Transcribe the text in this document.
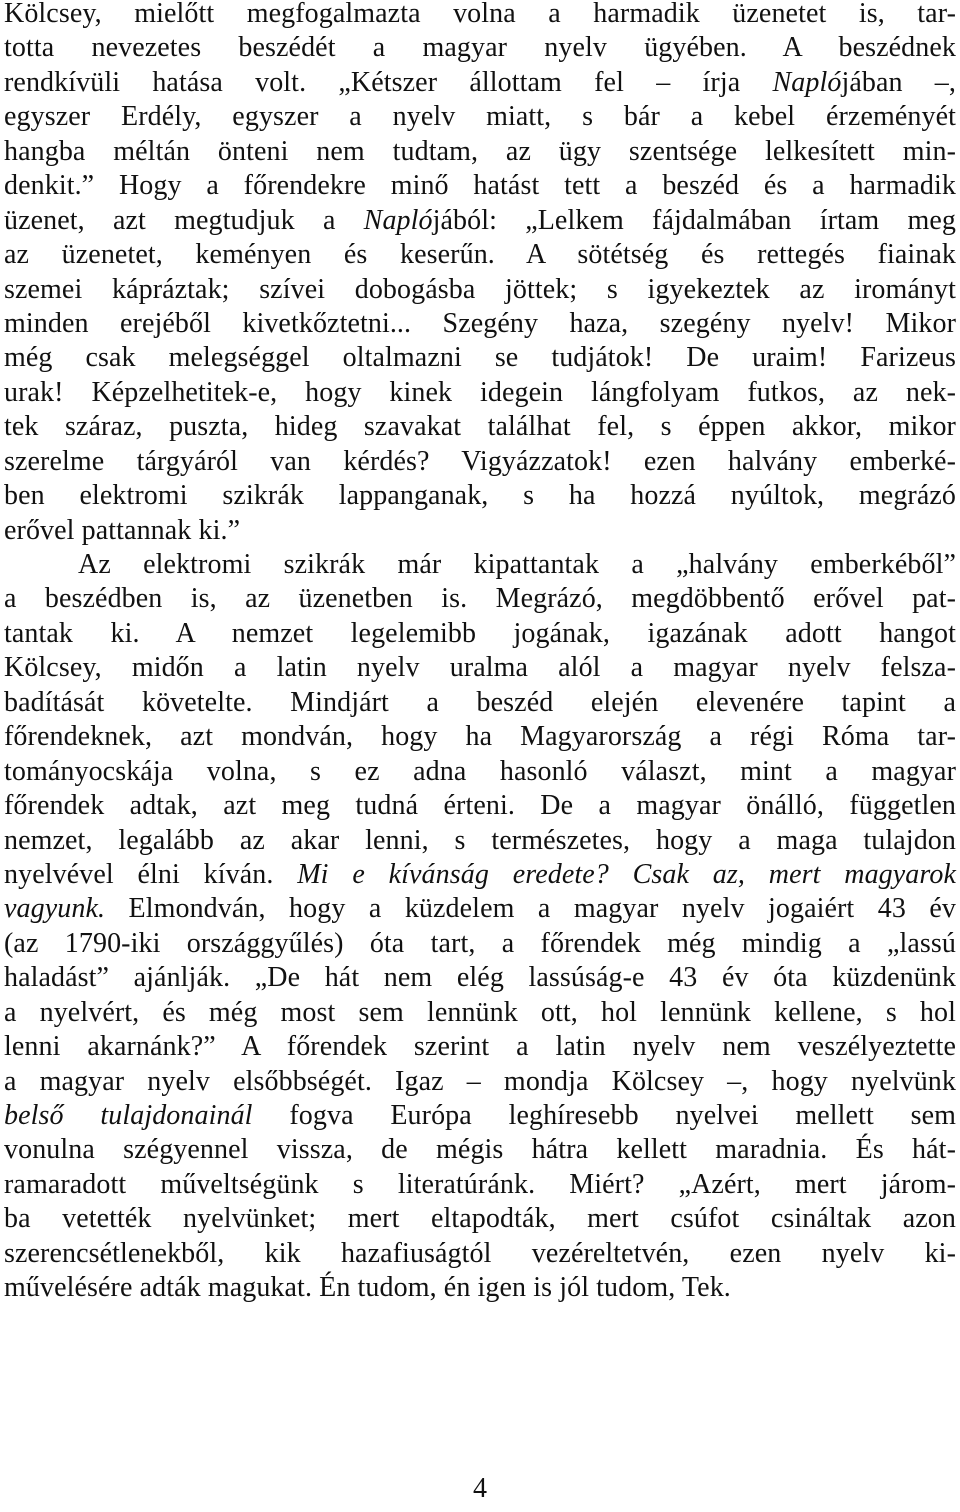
Kölcsey, mielőtt megfogalmazta volna a harmadik üzenetet is, tar-
totta nevezetes beszédét a magyar nyelv ügyében. A beszédnek
rendkívüli hatása volt. „Kétszer állottam fel – írja Naplójában –,
egyszer Erdély, egyszer a nyelv miatt, s bár a kebel érzeményét
hangba méltán önteni nem tudtam, az ügy szentsége lelkesített min-
denkit.” Hogy a főrendekre minő hatást tett a beszéd és a harmadik
üzenet, azt megtudjuk a Naplójából: „Lelkem fájdalmában írtam meg
az üzenetet, keményen és keserűn. A sötétség és rettegés fiainak
szemei kápráztak; szívei dobogásba jöttek; s igyekeztek az irományt
minden erejéből kivetkőztetni... Szegény haza, szegény nyelv! Mikor
még csak melegséggel oltalmazni se tudjátok! De uraim! Farizeus
urak! Képzelhetitek-e, hogy kinek idegein lángfolyam futkos, az nek-
tek száraz, puszta, hideg szavakat találhat fel, s éppen akkor, mikor
szerelme tárgyáról van kérdés? Vigyázzatok! ezen halvány emberké-
ben elektromi szikrák lappanganak, s ha hozzá nyúltok, megrázó
erővel pattannak ki.”
Az elektromi szikrák már kipattantak a „halvány emberkéből”
a beszédben is, az üzenetben is. Megrázó, megdöbbentő erővel pat-
tantak ki. A nemzet legelemibb jogának, igazának adott hangot
Kölcsey, midőn a latin nyelv uralma alól a magyar nyelv felsza-
badítását követelte. Mindjárt a beszéd elején elevenére tapint a
főrendeknek, azt mondván, hogy ha Magyarország a régi Róma tar-
tományocskája volna, s ez adna hasonló választ, mint a magyar
főrendek adtak, azt meg tudná érteni. De a magyar önálló, független
nemzet, legalább az akar lenni, s természetes, hogy a maga tulajdon
nyelvével élni kíván. Mi e kívánság eredete? Csak az, mert magyarok
vagyunk. Elmondván, hogy a küzdelem a magyar nyelv jogaiért 43 év
(az 1790-iki országgyűlés) óta tart, a főrendek még mindig a „lassú
haladást” ajánlják. „De hát nem elég lassúság-e 43 év óta küzdenünk
a nyelvért, és még most sem lennünk ott, hol lennünk kellene, s hol
lenni akarnánk?” A főrendek szerint a latin nyelv nem veszélyeztette
a magyar nyelv elsőbbségét. Igaz – mondja Kölcsey –, hogy nyelvünk
belső tulajdonainál fogva Európa leghíresebb nyelvei mellett sem
vonulna szégyennel vissza, de mégis hátra kellett maradnia. És hát-
ramaradott műveltségünk s literatúránk. Miért? „Azért, mert járom-
ba vetették nyelvünket; mert eltapodták, mert csúfot csináltak azon
szerencsétlenekből, kik hazafiuságtól vezéreltetvén, ezen nyelv ki-
művelésére adták magukat. Én tudom, én igen is jól tudom, Tek.
4
